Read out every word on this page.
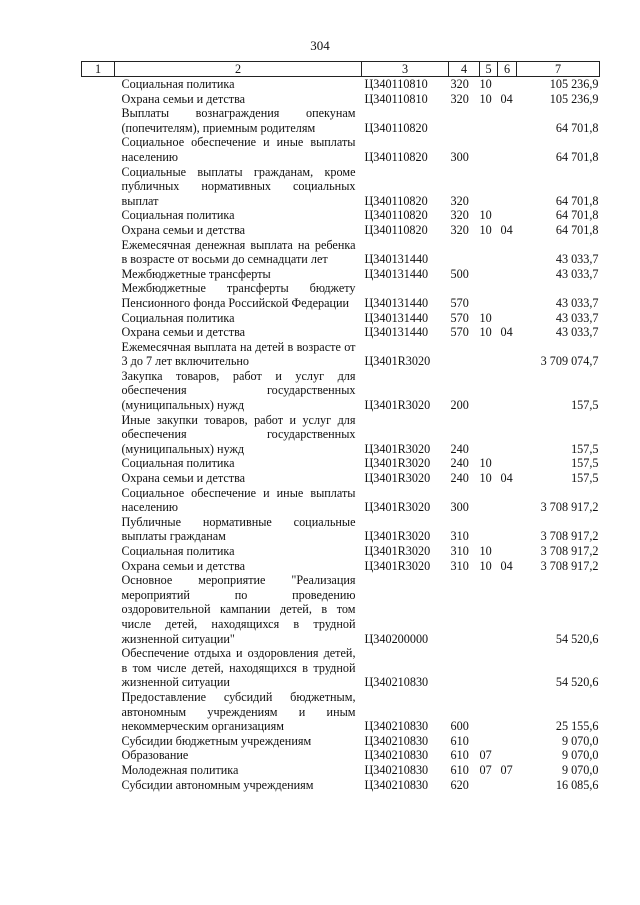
304
1	2	3	4	5	6	7
	Социальная политика	Ц340110810	320	10		105 236,9
	Охрана семьи и детства	Ц340110810	320	10	04	105 236,9
	Выплаты вознаграждения опекунам (попечителям), приемным родителям	Ц340110820				64 701,8
	Социальное обеспечение и иные выплаты населению	Ц340110820	300			64 701,8
	Социальные выплаты гражданам, кроме публичных нормативных социальных выплат	Ц340110820	320			64 701,8
	Социальная политика	Ц340110820	320	10		64 701,8
	Охрана семьи и детства	Ц340110820	320	10	04	64 701,8
	Ежемесячная денежная выплата на ребенка в возрасте от восьми до семнадцати лет	Ц340131440				43 033,7
	Межбюджетные трансферты	Ц340131440	500			43 033,7
	Межбюджетные трансферты бюджету Пенсионного фонда Российской Федерации	Ц340131440	570			43 033,7
	Социальная политика	Ц340131440	570	10		43 033,7
	Охрана семьи и детства	Ц340131440	570	10	04	43 033,7
	Ежемесячная выплата на детей в возрасте от 3 до 7 лет включительно	Ц3401R3020				3 709 074,7
	Закупка товаров, работ и услуг для обеспечения государственных (муниципальных) нужд	Ц3401R3020	200			157,5
	Иные закупки товаров, работ и услуг для обеспечения государственных (муниципальных) нужд	Ц3401R3020	240			157,5
	Социальная политика	Ц3401R3020	240	10		157,5
	Охрана семьи и детства	Ц3401R3020	240	10	04	157,5
	Социальное обеспечение и иные выплаты населению	Ц3401R3020	300			3 708 917,2
	Публичные нормативные социальные выплаты гражданам	Ц3401R3020	310			3 708 917,2
	Социальная политика	Ц3401R3020	310	10		3 708 917,2
	Охрана семьи и детства	Ц3401R3020	310	10	04	3 708 917,2
	Основное мероприятие "Реализация мероприятий по проведению оздоровительной кампании детей, в том числе детей, находящихся в трудной жизненной ситуации"	Ц340200000				54 520,6
	Обеспечение отдыха и оздоровления детей, в том числе детей, находящихся в трудной жизненной ситуации	Ц340210830				54 520,6
	Предоставление субсидий бюджетным, автономным учреждениям и иным некоммерческим организациям	Ц340210830	600			25 155,6
	Субсидии бюджетным учреждениям	Ц340210830	610			9 070,0
	Образование	Ц340210830	610	07		9 070,0
	Молодежная политика	Ц340210830	610	07	07	9 070,0
	Субсидии автономным учреждениям	Ц340210830	620			16 085,6
